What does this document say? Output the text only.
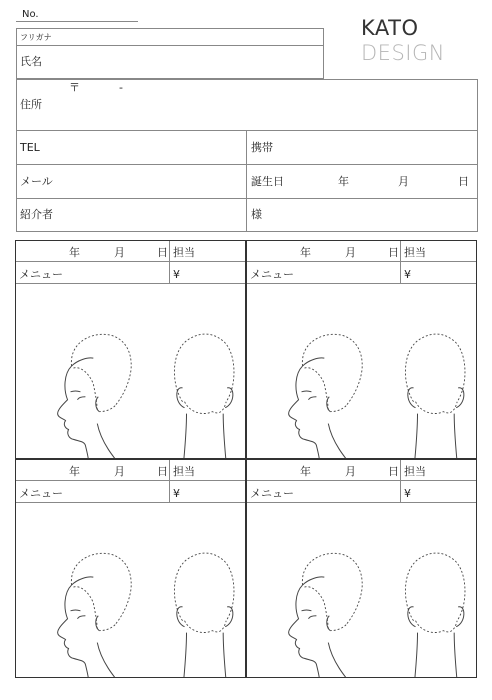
No.
KATO
DESIGN
フリガナ
氏名
〒	-
住所
TEL	携帯
メール	誕生日	年	月	日
紹介者	様
年	月	日 担当
メニュー	¥
年	月	日 担当
メニュー	¥
年	月	日 担当
メニュー	¥
年	月	日 担当
メニュー	¥
